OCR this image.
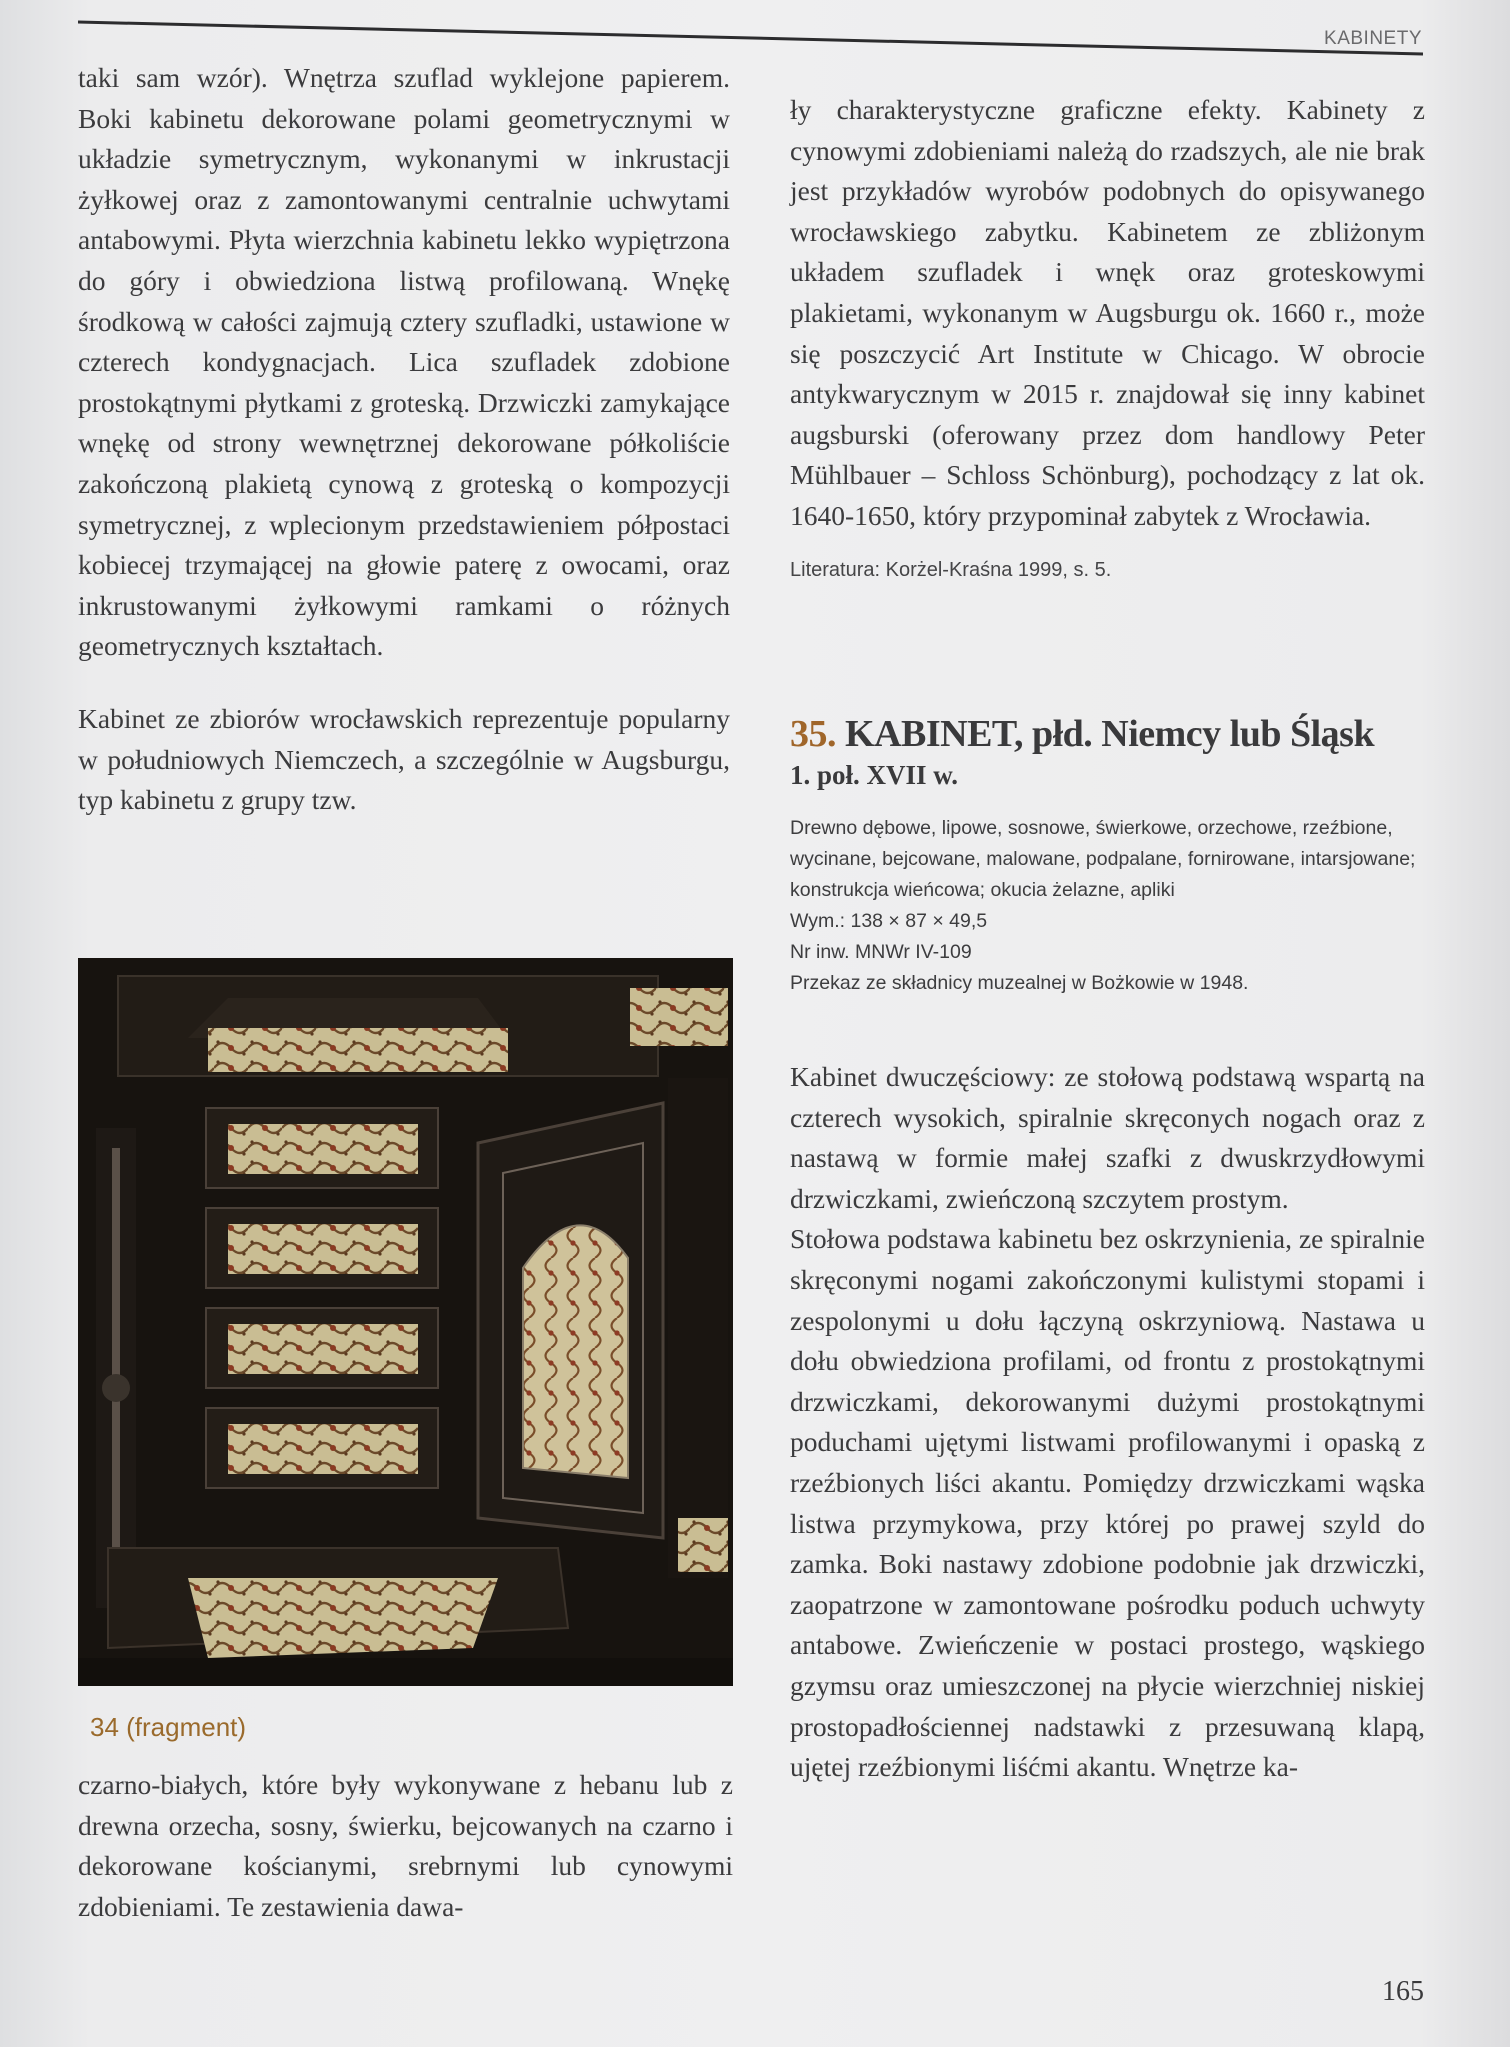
KABINETY

taki sam wzór). Wnętrza szuflad wyklejone papierem. Boki kabinetu dekorowane polami geometrycznymi w układzie symetrycznym, wykonanymi w inkrustacji żyłkowej oraz z zamontowanymi centralnie uchwytami antabowymi. Płyta wierzchnia kabinetu lekko wypiętrzona do góry i obwiedziona listwą profilowaną. Wnękę środkową w całości zajmują cztery szufladki, ustawione w czterech kondygnacjach. Lica szufladek zdobione prostokątnymi płytkami z groteską. Drzwiczki zamykające wnękę od strony wewnętrznej dekorowane półkoliście zakończoną plakietą cynową z groteską o kompozycji symetrycznej, z wplecionym przedstawieniem półpostaci kobiecej trzymającej na głowie paterę z owocami, oraz inkrustowanymi żyłkowymi ramkami o różnych geometrycznych kształtach.

Kabinet ze zbiorów wrocławskich reprezentuje popularny w południowych Niemczech, a szczególnie w Augsburgu, typ kabinetu z grupy tzw.

34 (fragment)

czarno-białych, które były wykonywane z hebanu lub z drewna orzecha, sosny, świerku, bejcowanych na czarno i dekorowane kościanymi, srebrnymi lub cynowymi zdobieniami. Te zestawienia dawa-

ły charakterystyczne graficzne efekty. Kabinety z cynowymi zdobieniami należą do rzadszych, ale nie brak jest przykładów wyrobów podobnych do opisywanego wrocławskiego zabytku. Kabinetem ze zbliżonym układem szufladek i wnęk oraz groteskowymi plakietami, wykonanym w Augsburgu ok. 1660 r., może się poszczycić Art Institute w Chicago. W obrocie antykwarycznym w 2015 r. znajdował się inny kabinet augsburski (oferowany przez dom handlowy Peter Mühlbauer – Schloss Schönburg), pochodzący z lat ok. 1640-1650, który przypominał zabytek z Wrocławia.

Literatura: Korżel-Kraśna 1999, s. 5.
35. KABINET, płd. Niemcy lub Śląsk
1. poł. XVII w.
Drewno dębowe, lipowe, sosnowe, świerkowe, orzechowe, rzeźbione, wycinane, bejcowane, malowane, podpalane, fornirowane, intarsjowane; konstrukcja wieńcowa; okucia żelazne, apliki
Wym.: 138 × 87 × 49,5
Nr inw. MNWr IV-109
Przekaz ze składnicy muzealnej w Bożkowie w 1948.

Kabinet dwuczęściowy: ze stołową podstawą wspartą na czterech wysokich, spiralnie skręconych nogach oraz z nastawą w formie małej szafki z dwuskrzydłowymi drzwiczkami, zwieńczoną szczytem prostym.

Stołowa podstawa kabinetu bez oskrzynienia, ze spiralnie skręconymi nogami zakończonymi kulistymi stopami i zespolonymi u dołu łączyną oskrzyniową. Nastawa u dołu obwiedziona profilami, od frontu z prostokątnymi drzwiczkami, dekorowanymi dużymi prostokątnymi poduchami ujętymi listwami profilowanymi i opaską z rzeźbionych liści akantu. Pomiędzy drzwiczkami wąska listwa przymykowa, przy której po prawej szyld do zamka. Boki nastawy zdobione podobnie jak drzwiczki, zaopatrzone w zamontowane pośrodku poduch uchwyty antabowe. Zwieńczenie w postaci prostego, wąskiego gzymsu oraz umieszczonej na płycie wierzchniej niskiej prostopadłościennej nadstawki z przesuwaną klapą, ujętej rzeźbionymi liśćmi akantu. Wnętrze ka-

165
